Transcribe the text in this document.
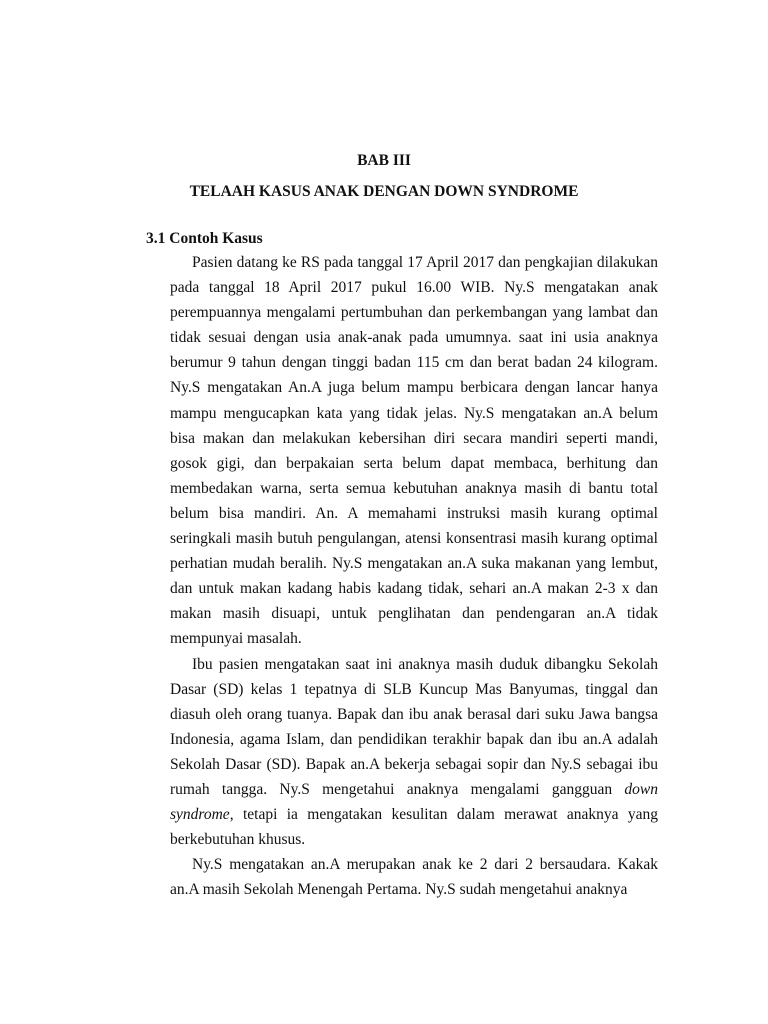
BAB III
TELAAH KASUS ANAK DENGAN DOWN SYNDROME
3.1 Contoh Kasus

Pasien datang ke RS pada tanggal 17 April 2017 dan pengkajian dilakukan pada tanggal 18 April 2017 pukul 16.00 WIB. Ny.S mengatakan anak perempuannya mengalami pertumbuhan dan perkembangan yang lambat dan tidak sesuai dengan usia anak-anak pada umumnya. saat ini usia anaknya berumur 9 tahun dengan tinggi badan 115 cm dan berat badan 24 kilogram. Ny.S mengatakan An.A juga belum mampu berbicara dengan lancar hanya mampu mengucapkan kata yang tidak jelas. Ny.S mengatakan an.A belum bisa makan dan melakukan kebersihan diri secara mandiri seperti mandi, gosok gigi, dan berpakaian serta belum dapat membaca, berhitung dan membedakan warna, serta semua kebutuhan anaknya masih di bantu total belum bisa mandiri. An. A memahami instruksi masih kurang optimal seringkali masih butuh pengulangan, atensi konsentrasi masih kurang optimal perhatian mudah beralih. Ny.S mengatakan an.A suka makanan yang lembut, dan untuk makan kadang habis kadang tidak, sehari an.A makan 2-3 x dan makan masih disuapi, untuk penglihatan dan pendengaran an.A tidak mempunyai masalah.

Ibu pasien mengatakan saat ini anaknya masih duduk dibangku Sekolah Dasar (SD) kelas 1 tepatnya di SLB Kuncup Mas Banyumas, tinggal dan diasuh oleh orang tuanya. Bapak dan ibu anak berasal dari suku Jawa bangsa Indonesia, agama Islam, dan pendidikan terakhir bapak dan ibu an.A adalah Sekolah Dasar (SD). Bapak an.A bekerja sebagai sopir dan Ny.S sebagai ibu rumah tangga. Ny.S mengetahui anaknya mengalami gangguan down syndrome, tetapi ia mengatakan kesulitan dalam merawat anaknya yang berkebutuhan khusus.

Ny.S mengatakan an.A merupakan anak ke 2 dari 2 bersaudara. Kakak an.A masih Sekolah Menengah Pertama. Ny.S sudah mengetahui anaknya
